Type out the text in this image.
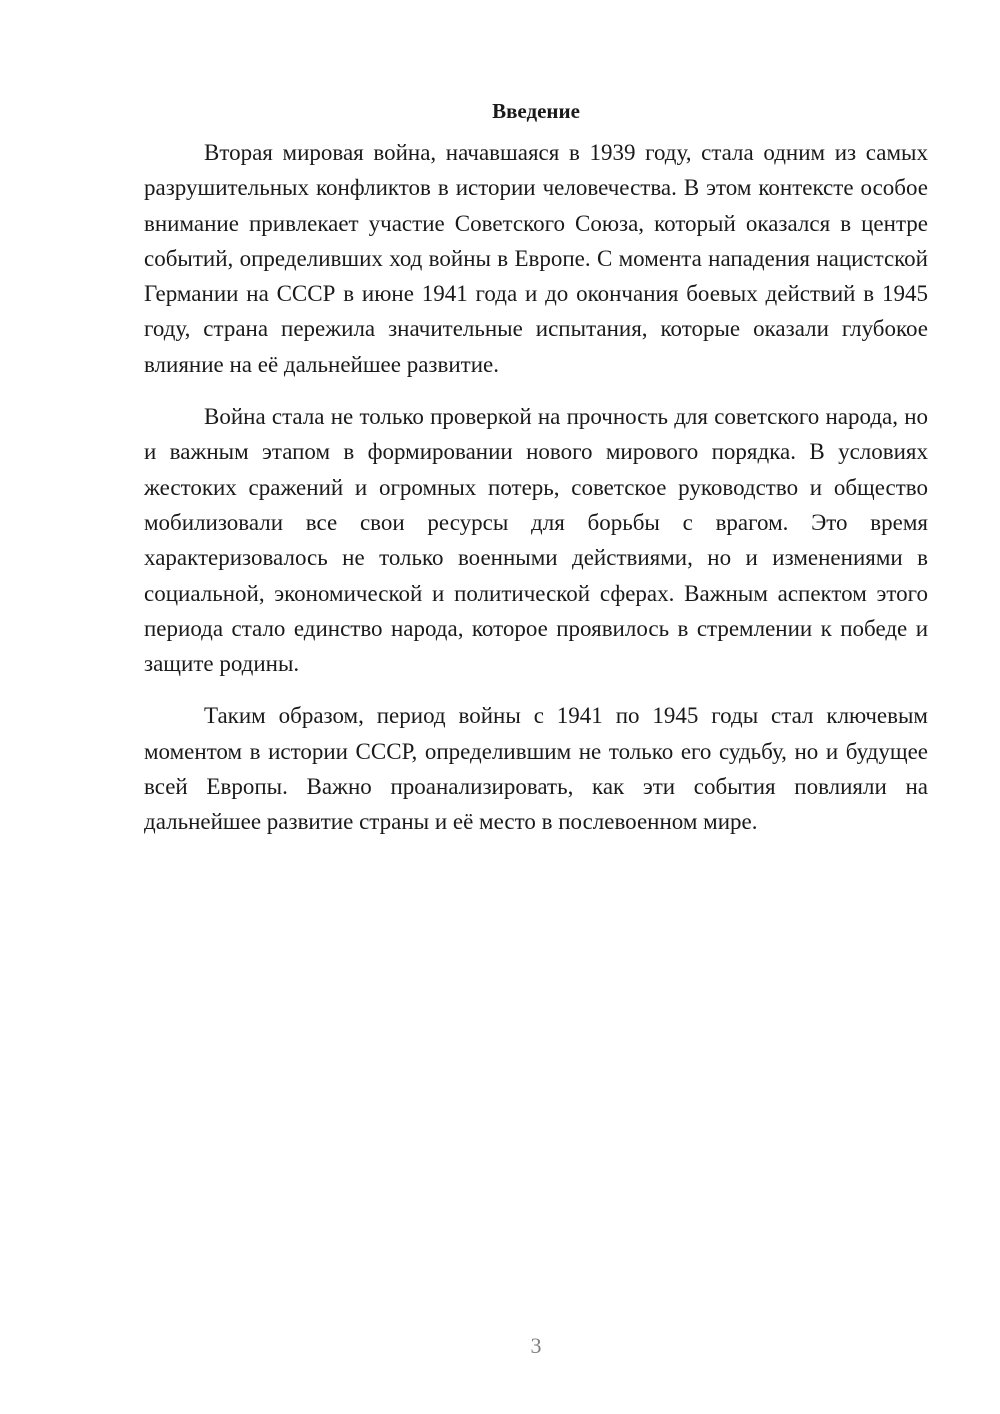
Введение

Вторая мировая война, начавшаяся в 1939 году, стала одним из самых разрушительных конфликтов в истории человечества. В этом контексте особое внимание привлекает участие Советского Союза, который оказался в центре событий, определивших ход войны в Европе. С момента нападения нацистской Германии на СССР в июне 1941 года и до окончания боевых действий в 1945 году, страна пережила значительные испытания, которые оказали глубокое влияние на её дальнейшее развитие.

Война стала не только проверкой на прочность для советского народа, но и важным этапом в формировании нового мирового порядка. В условиях жестоких сражений и огромных потерь, советское руководство и общество мобилизовали все свои ресурсы для борьбы с врагом. Это время характеризовалось не только военными действиями, но и изменениями в социальной, экономической и политической сферах. Важным аспектом этого периода стало единство народа, которое проявилось в стремлении к победе и защите родины.

Таким образом, период войны с 1941 по 1945 годы стал ключевым моментом в истории СССР, определившим не только его судьбу, но и будущее всей Европы. Важно проанализировать, как эти события повлияли на дальнейшее развитие страны и её место в послевоенном мире.

3
